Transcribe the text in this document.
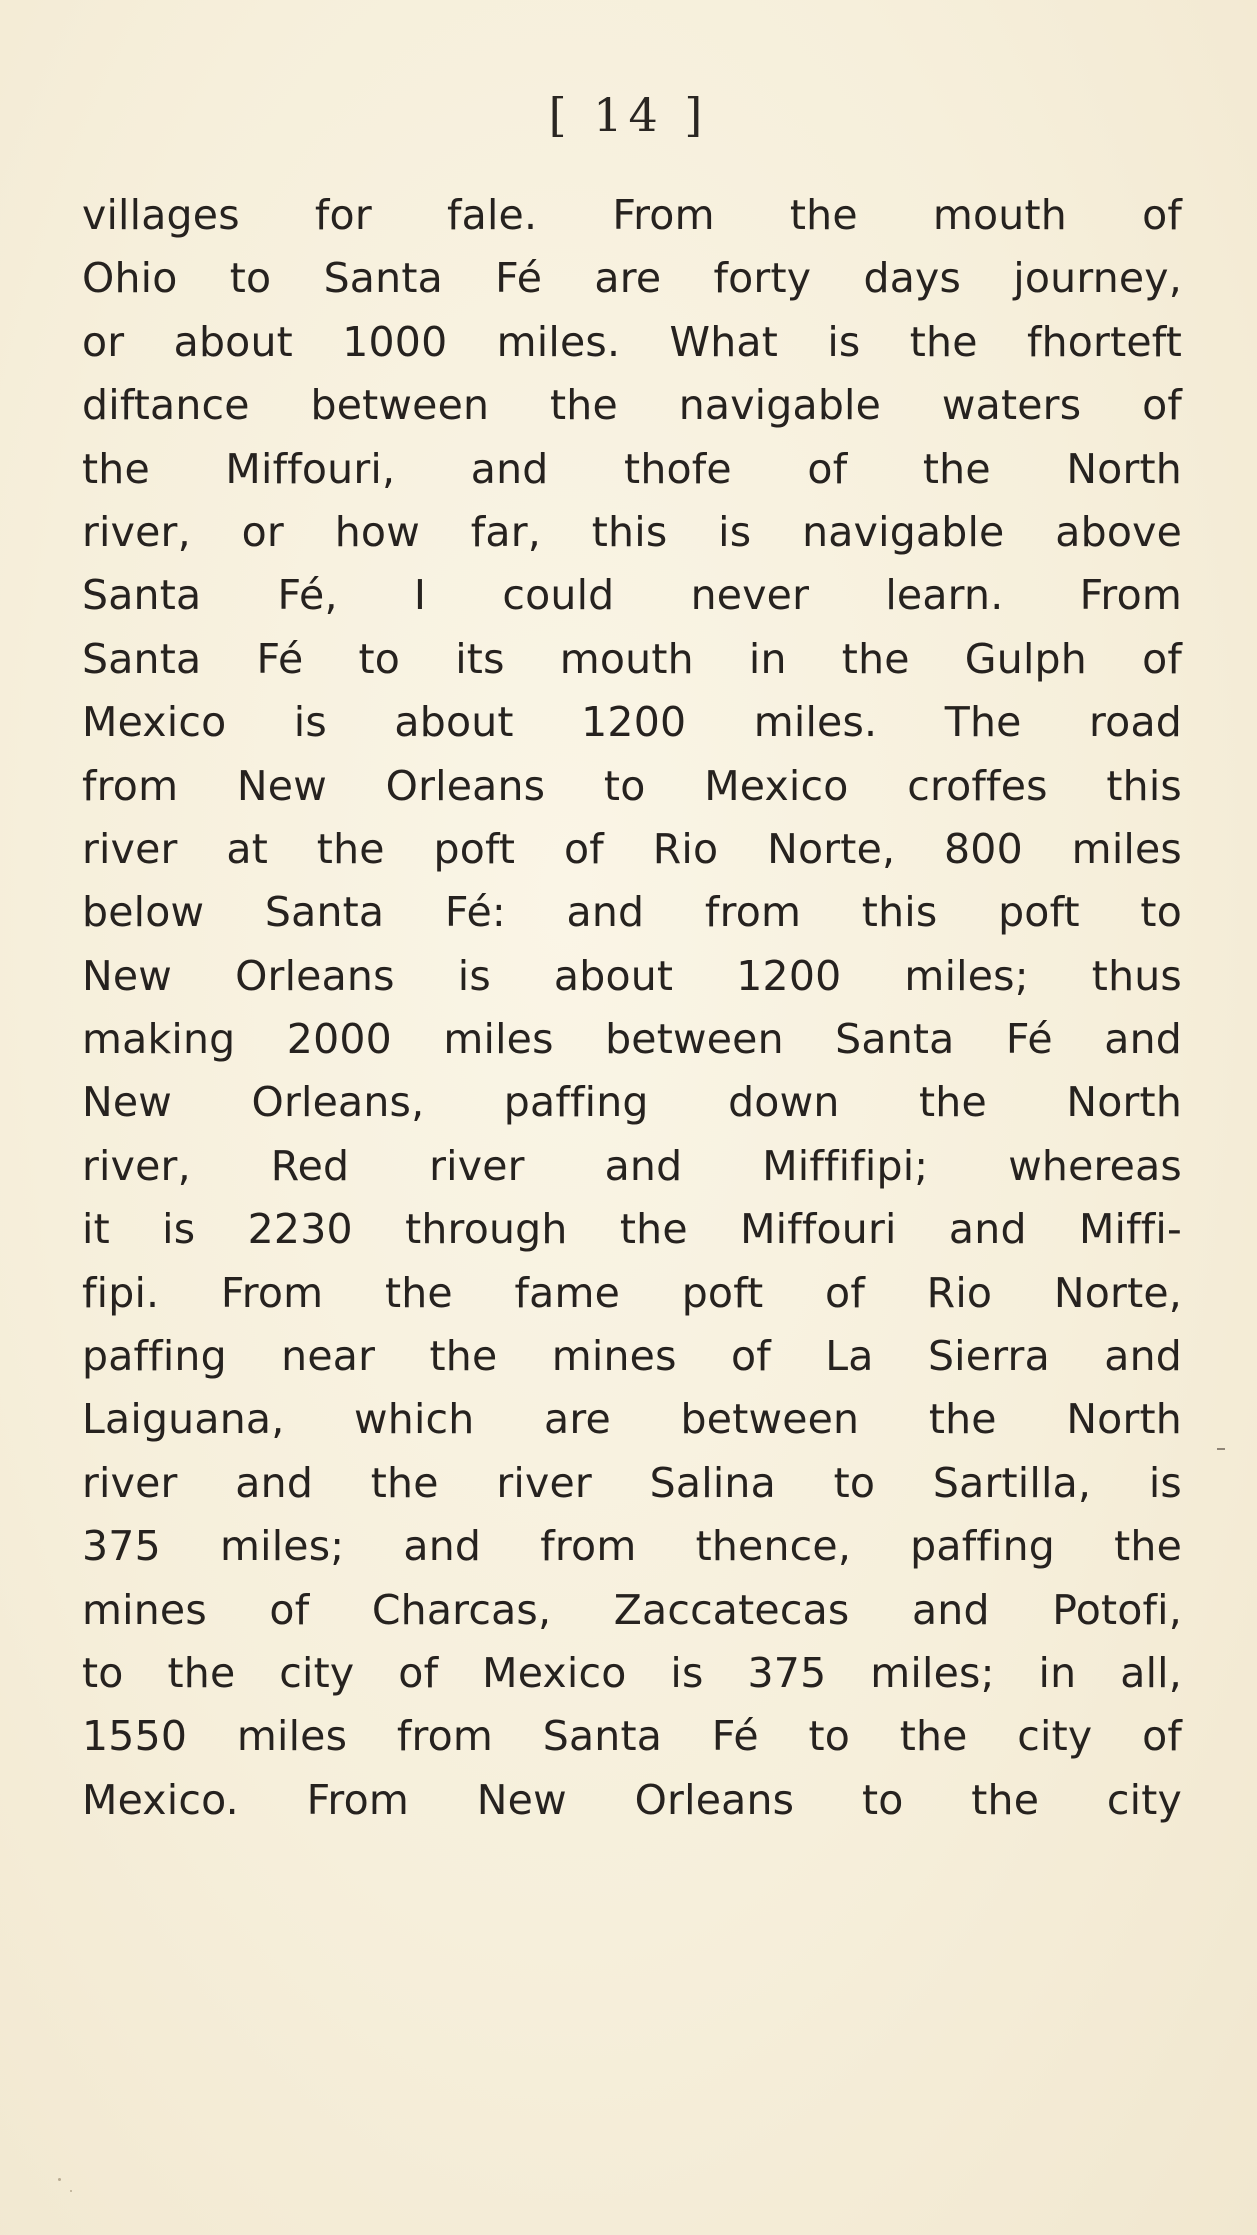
[ 14 ]
villages for fale. From the mouth of
Ohio to Santa Fé are forty days journey,
or about 1000 miles. What is the fhorteft
diftance between the navigable waters of
the Miffouri, and thofe of the North
river, or how far, this is navigable above
Santa Fé, I could never learn. From
Santa Fé to its mouth in the Gulph of
Mexico is about 1200 miles. The road
from New Orleans to Mexico croffes this
river at the poft of Rio Norte, 800 miles
below Santa Fé: and from this poft to
New Orleans is about 1200 miles; thus
making 2000 miles between Santa Fé and
New Orleans, paffing down the North
river, Red river and Miffifipi; whereas
it is 2230 through the Miffouri and Miffi-
fipi. From the fame poft of Rio Norte,
paffing near the mines of La Sierra and
Laiguana, which are between the North
river and the river Salina to Sartilla, is
375 miles; and from thence, paffing the
mines of Charcas, Zaccatecas and Potofi,
to the city of Mexico is 375 miles; in all,
1550 miles from Santa Fé to the city of
Mexico. From New Orleans to the city
